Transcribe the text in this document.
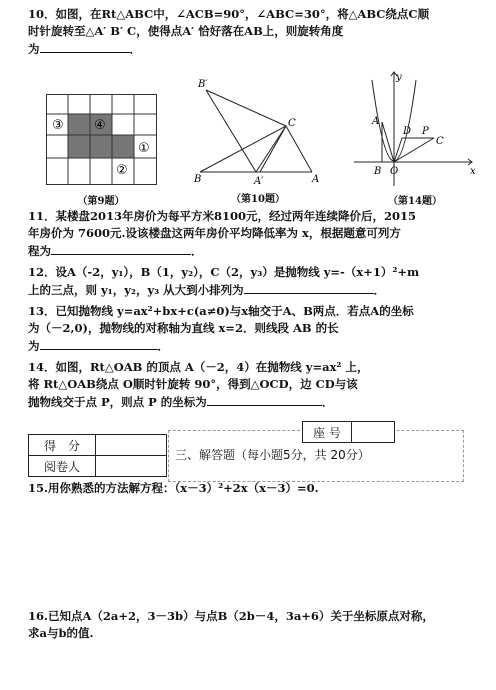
10．如图，在Rt△ABC中，∠ACB=90°，∠ABC=30°，将△ABC绕点C顺
时针旋转至△A′ B′ C，使得点A′ 恰好落在AB上，则旋转角度
为	．
③ ④
①
②
（第9题）
B′
C
B	A′	A
（第10题）
y
A
D P
B O
C
x
（第14题）
11．某楼盘2013年房价为每平方米8100元，经过两年连续降价后，2015
年房价为 7600元.设该楼盘这两年房价平均降低率为 x，根据题意可列方
程为	．
12．设A（-2，y₁），B（1，y₂），C（2，y₃）是抛物线 y=-（x+1）²+m
上的三点，则 y₁，y₂，y₃ 从大到小排列为	．
13．已知抛物线 y=ax²+bx+c(a≠0)与x轴交于A、B两点．若点A的坐标
为（－2,0)，抛物线的对称轴为直线 x=2．则线段 AB 的长
为	．
14．如图，Rt△OAB 的顶点 A（－2，4）在抛物线 y=ax² 上，
将 Rt△OAB绕点 O顺时针旋转 90°，得到△OCD，边 CD与该
抛物线交于点 P，则点 P 的坐标为	．
得　分
阅卷人
座 号
三、解答题（每小题5分，共 20分）
15.用你熟悉的方法解方程：（x－3）²+2x（x－3）=0.
16.已知点A（2a+2，3－3b）与点B（2b－4，3a+6）关于坐标原点对称，
求a与b的值.
